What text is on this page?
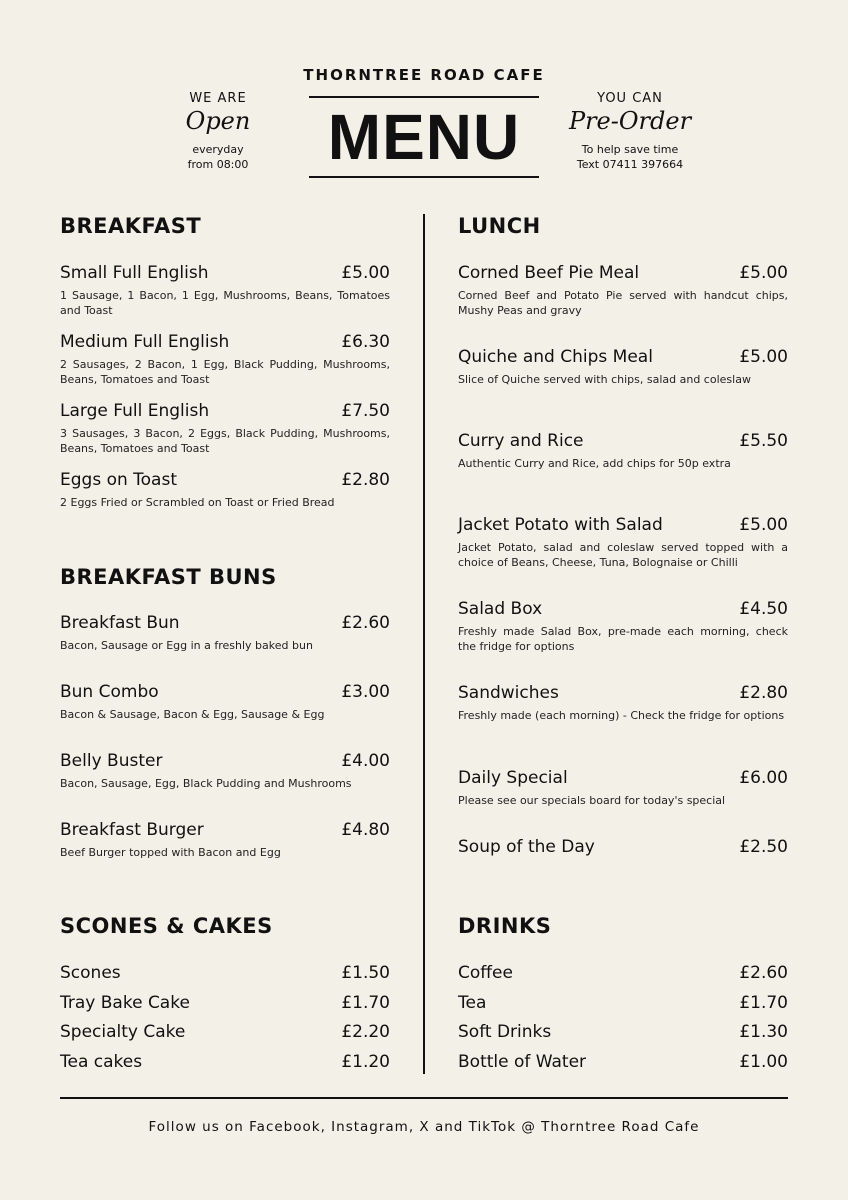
THORNTREE ROAD CAFE
MENU
WE ARE
Open
everyday
from 08:00
YOU CAN
Pre-Order
To help save time
Text 07411 397664
BREAKFAST
Small Full English	£5.00
1 Sausage, 1 Bacon, 1 Egg, Mushrooms, Beans, Tomatoes and Toast
Medium Full English	£6.30
2 Sausages, 2 Bacon, 1 Egg, Black Pudding, Mushrooms, Beans, Tomatoes and Toast
Large Full English	£7.50
3 Sausages, 3 Bacon, 2 Eggs, Black Pudding, Mushrooms, Beans, Tomatoes and Toast
Eggs on Toast	£2.80
2 Eggs Fried or Scrambled on Toast or Fried Bread
BREAKFAST BUNS
Breakfast Bun	£2.60
Bacon, Sausage or Egg in a freshly baked bun
Bun Combo	£3.00
Bacon & Sausage, Bacon & Egg, Sausage & Egg
Belly Buster	£4.00
Bacon, Sausage, Egg, Black Pudding and Mushrooms
Breakfast Burger	£4.80
Beef Burger topped with Bacon and Egg
SCONES & CAKES
Scones	£1.50
Tray Bake Cake	£1.70
Specialty Cake	£2.20
Tea cakes	£1.20
LUNCH
Corned Beef Pie Meal	£5.00
Corned Beef and Potato Pie served with handcut chips, Mushy Peas and gravy
Quiche and Chips Meal	£5.00
Slice of Quiche served with chips, salad and coleslaw
Curry and Rice	£5.50
Authentic Curry and Rice, add chips for 50p extra
Jacket Potato with Salad	£5.00
Jacket Potato, salad and coleslaw served topped with a choice of Beans, Cheese, Tuna, Bolognaise or Chilli
Salad Box	£4.50
Freshly made Salad Box, pre-made each morning, check the fridge for options
Sandwiches	£2.80
Freshly made (each morning) - Check the fridge for options
Daily Special	£6.00
Please see our specials board for today's special
Soup of the Day	£2.50
DRINKS
Coffee	£2.60
Tea	£1.70
Soft Drinks	£1.30
Bottle of Water	£1.00
Follow us on Facebook, Instagram, X and TikTok @ Thorntree Road Cafe
